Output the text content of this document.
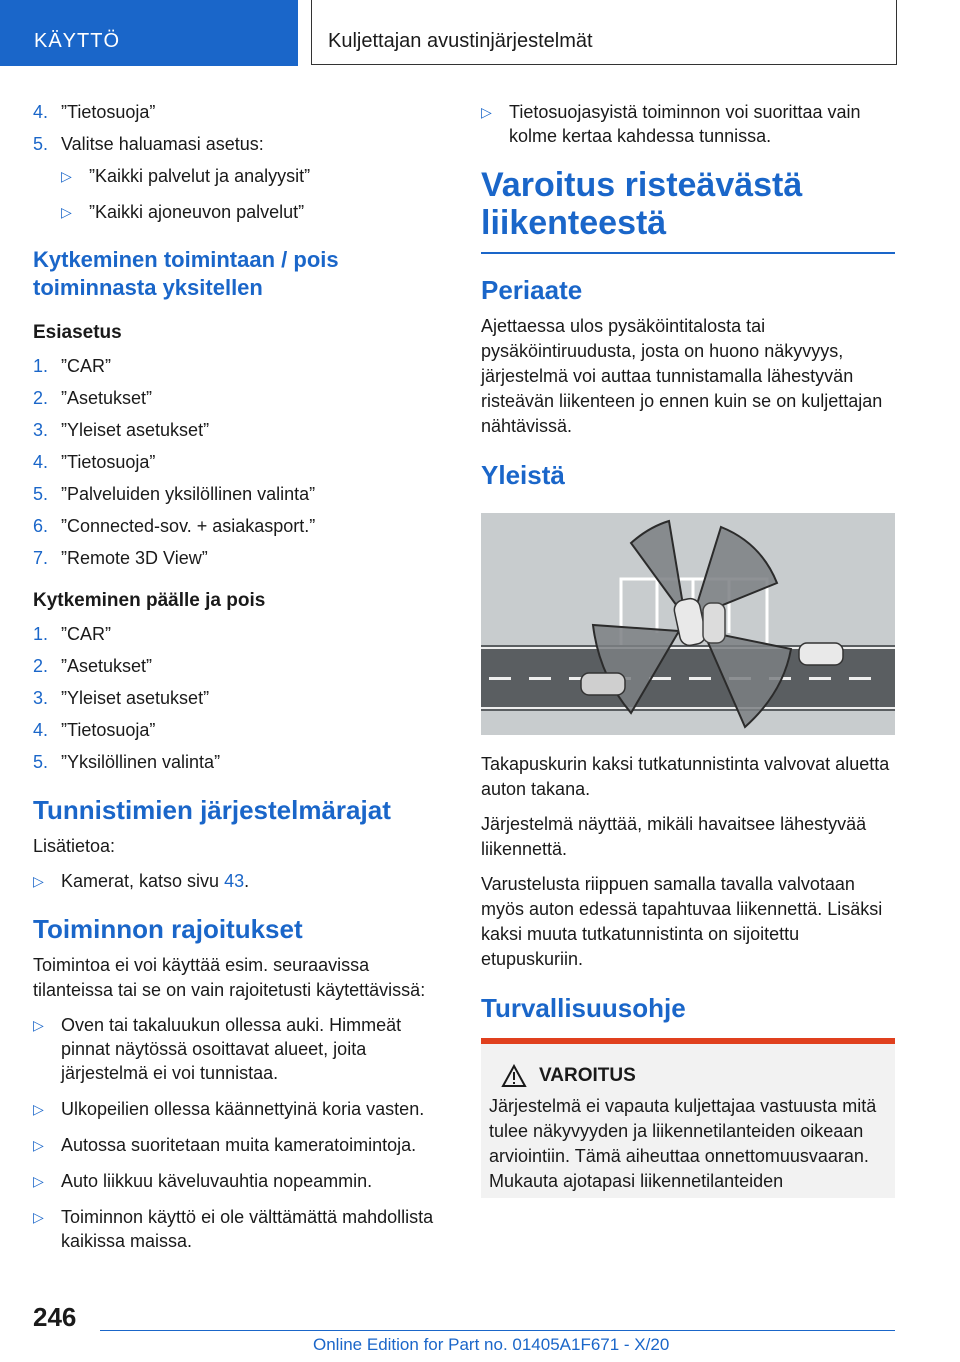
KÄYTTÖ	Kuljettajan avustinjärjestelmät
4. ”Tietosuoja”
5. Valitse haluamasi asetus:
▷ ”Kaikki palvelut ja analyysit”
▷ ”Kaikki ajoneuvon palvelut”
Kytkeminen toimintaan / pois toiminnasta yksitellen
Esiasetus
1. ”CAR”
2. ”Asetukset”
3. ”Yleiset asetukset”
4. ”Tietosuoja”
5. ”Palveluiden yksilöllinen valinta”
6. ”Connected-sov. + asiakasport.”
7. ”Remote 3D View”
Kytkeminen päälle ja pois
1. ”CAR”
2. ”Asetukset”
3. ”Yleiset asetukset”
4. ”Tietosuoja”
5. ”Yksilöllinen valinta”
Tunnistimien järjestelmärajat

Lisätietoa:

▷ Kamerat, katso sivu 43.
Toiminnon rajoitukset

Toimintoa ei voi käyttää esim. seuraavissa tilanteissa tai se on vain rajoitetusti käytettävissä:

▷ Oven tai takaluukun ollessa auki. Himmeät pinnat näytössä osoittavat alueet, joita järjestelmä ei voi tunnistaa.
▷ Ulkopeilien ollessa käännettyinä koria vasten.
▷ Autossa suoritetaan muita kameratoimintoja.
▷ Auto liikkuu käveluvauhtia nopeammin.
▷ Toiminnon käyttö ei ole välttämättä mahdollista kaikissa maissa.
▷ Tietosuojasyistä toiminnon voi suorittaa vain kolme kertaa kahdessa tunnissa.
Varoitus risteävästä liikenteestä
Periaate

Ajettaessa ulos pysäköintitalosta tai pysäköintiruudusta, josta on huono näkyvyys, järjestelmä voi auttaa tunnistamalla lähestyvän risteävän liikenteen jo ennen kuin se on kuljettajan nähtävissä.

Yleistä

Takapuskurin kaksi tutkatunnistinta valvovat aluetta auton takana.

Järjestelmä näyttää, mikäli havaitsee lähestyvää liikennettä.

Varustelusta riippuen samalla tavalla valvotaan myös auton edessä tapahtuvaa liikennettä. Lisäksi kaksi muuta tutkatunnistinta on sijoitettu etupuskuriin.

Turvallisuusohje
VAROITUS

Järjestelmä ei vapauta kuljettajaa vastuusta mitä tulee näkyvyyden ja liikennetilanteiden oikeaan arviointiin. Tämä aiheuttaa onnettomuusvaaran. Mukauta ajotapasi liikennetilanteiden

246
Online Edition for Part no. 01405A1F671 - X/20
